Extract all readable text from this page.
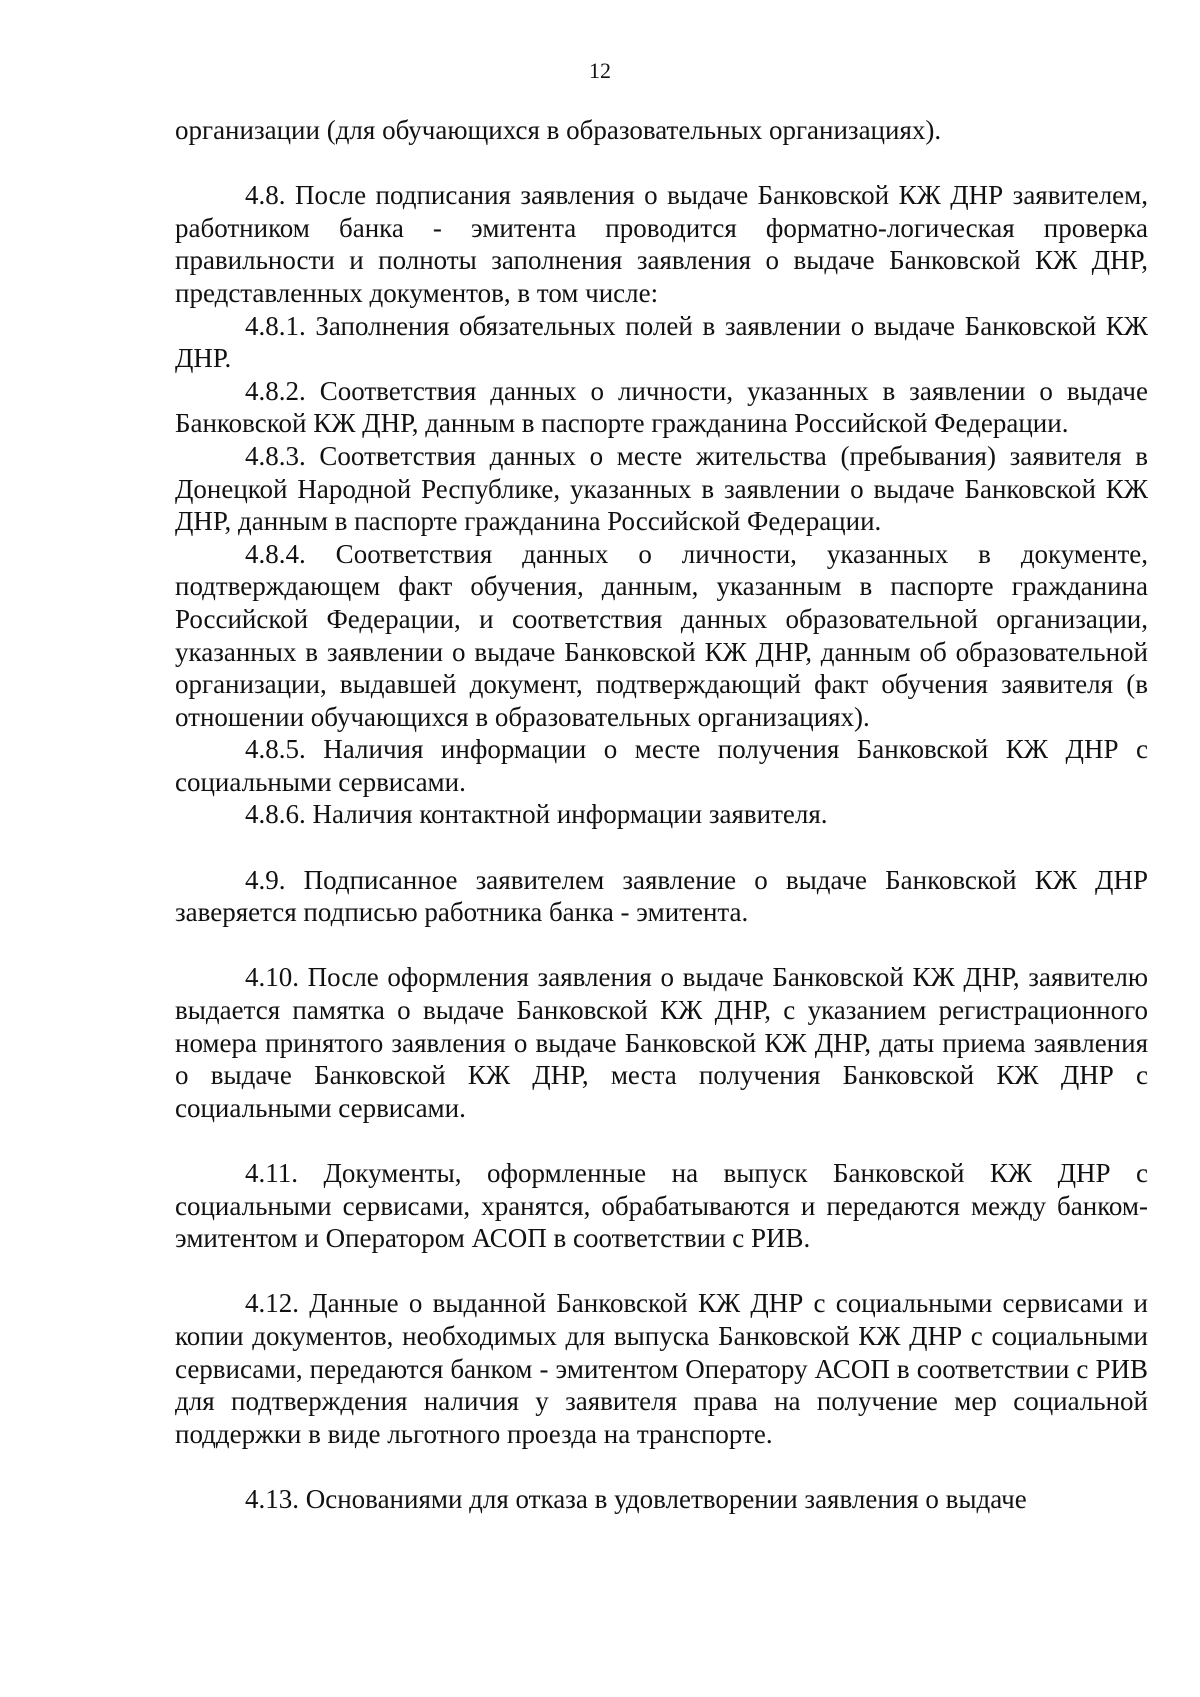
12

организации (для обучающихся в образовательных организациях).

4.8. После подписания заявления о выдаче Банковской КЖ ДНР заявителем, работником банка - эмитента проводится форматно-логическая проверка правильности и полноты заполнения заявления о выдаче Банковской КЖ ДНР, представленных документов, в том числе:

4.8.1. Заполнения обязательных полей в заявлении о выдаче Банковской КЖ ДНР.

4.8.2. Соответствия данных о личности, указанных в заявлении о выдаче Банковской КЖ ДНР, данным в паспорте гражданина Российской Федерации.

4.8.3. Соответствия данных о месте жительства (пребывания) заявителя в Донецкой Народной Республике, указанных в заявлении о выдаче Банковской КЖ ДНР, данным в паспорте гражданина Российской Федерации.

4.8.4. Соответствия данных о личности, указанных в документе, подтверждающем факт обучения, данным, указанным в паспорте гражданина Российской Федерации, и соответствия данных образовательной организации, указанных в заявлении о выдаче Банковской КЖ ДНР, данным об образовательной организации, выдавшей документ, подтверждающий факт обучения заявителя (в отношении обучающихся в образовательных организациях).

4.8.5. Наличия информации о месте получения Банковской КЖ ДНР с социальными сервисами.

4.8.6. Наличия контактной информации заявителя.

4.9. Подписанное заявителем заявление о выдаче Банковской КЖ ДНР заверяется подписью работника банка - эмитента.

4.10. После оформления заявления о выдаче Банковской КЖ ДНР, заявителю выдается памятка о выдаче Банковской КЖ ДНР, с указанием регистрационного номера принятого заявления о выдаче Банковской КЖ ДНР, даты приема заявления о выдаче Банковской КЖ ДНР, места получения Банковской КЖ ДНР с социальными сервисами.

4.11. Документы, оформленные на выпуск Банковской КЖ ДНР с социальными сервисами, хранятся, обрабатываются и передаются между банком-эмитентом и Оператором АСОП в соответствии с РИВ.

4.12. Данные о выданной Банковской КЖ ДНР с социальными сервисами и копии документов, необходимых для выпуска Банковской КЖ ДНР с социальными сервисами, передаются банком - эмитентом Оператору АСОП в соответствии с РИВ для подтверждения наличия у заявителя права на получение мер социальной поддержки в виде льготного проезда на транспорте.

4.13. Основаниями для отказа в удовлетворении заявления о выдаче
